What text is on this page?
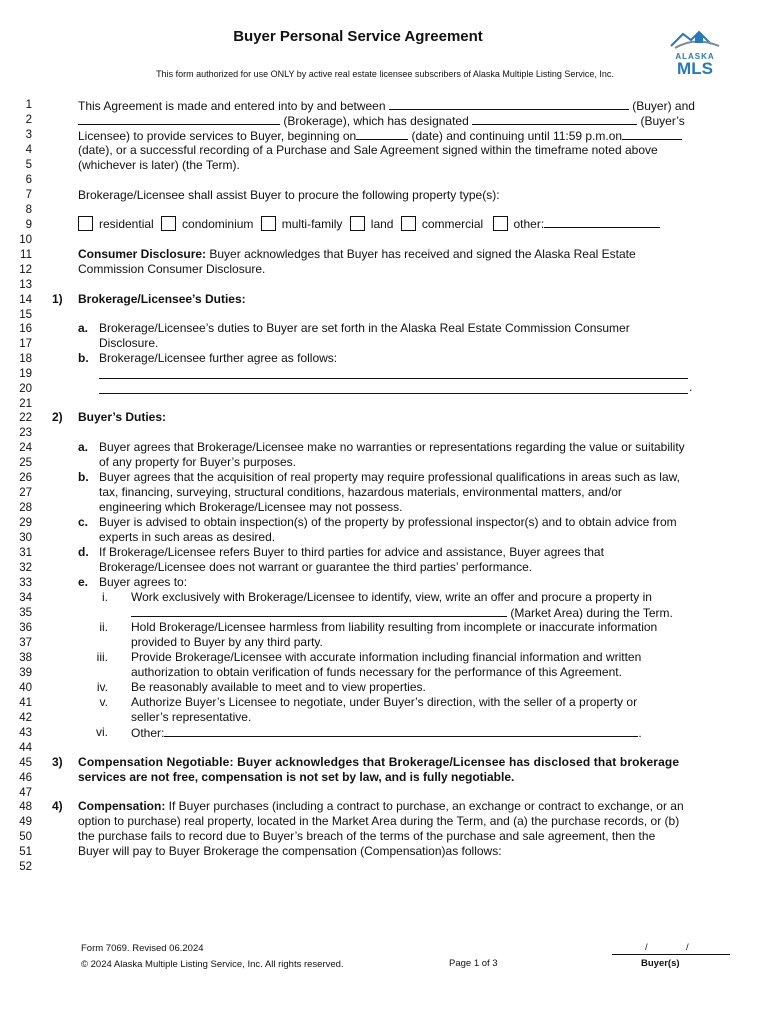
Buyer Personal Service Agreement
This form authorized for use ONLY by active real estate licensee subscribers of Alaska Multiple Listing Service, Inc.
ALASKA
MLS
1
2
3
4
5
6
7
8
9
10
11
12
13
14
15
16
17
18
19
20
21
22
23
24
25
26
27
28
29
30
31
32
33
34
35
36
37
38
39
40
41
42
43
44
45
46
47
48
49
50
51
52
This Agreement is made and entered into by and between	(Buyer) and
(Brokerage), which has designated	(Buyer’s
Licensee) to provide services to Buyer, beginning on	(date) and continuing until 11:59 p.m.on
(date), or a successful recording of a Purchase and Sale Agreement signed within the timeframe noted above
(whichever is later) (the Term).
Brokerage/Licensee shall assist Buyer to procure the following property type(s):
residential condominium multi-family land commercial	other:
Consumer Disclosure: Buyer acknowledges that Buyer has received and signed the Alaska Real Estate
Commission Consumer Disclosure.
1) Brokerage/Licensee’s Duties:
a. Brokerage/Licensee’s duties to Buyer are set forth in the Alaska Real Estate Commission Consumer
Disclosure.
b. Brokerage/Licensee further agree as follows:
.
2) Buyer’s Duties:
a. Buyer agrees that Brokerage/Licensee make no warranties or representations regarding the value or suitability
of any property for Buyer’s purposes.
b. Buyer agrees that the acquisition of real property may require professional qualifications in areas such as law,
tax, financing, surveying, structural conditions, hazardous materials, environmental matters, and/or
engineering which Brokerage/Licensee may not possess.
c. Buyer is advised to obtain inspection(s) of the property by professional inspector(s) and to obtain advice from
experts in such areas as desired.
d. If Brokerage/Licensee refers Buyer to third parties for advice and assistance, Buyer agrees that
Brokerage/Licensee does not warrant or guarantee the third parties’ performance.
e. Buyer agrees to:
i. Work exclusively with Brokerage/Licensee to identify, view, write an offer and procure a property in
(Market Area) during the Term.
ii. Hold Brokerage/Licensee harmless from liability resulting from incomplete or inaccurate information
provided to Buyer by any third party.
iii. Provide Brokerage/Licensee with accurate information including financial information and written
authorization to obtain verification of funds necessary for the performance of this Agreement.
iv. Be reasonably available to meet and to view properties.
v. Authorize Buyer’s Licensee to negotiate, under Buyer’s direction, with the seller of a property or
seller’s representative.
vi. Other:	.
3) Compensation Negotiable: Buyer acknowledges that Brokerage/Licensee has disclosed that brokerage
services are not free, compensation is not set by law, and is fully negotiable.
4) Compensation: If Buyer purchases (including a contract to purchase, an exchange or contract to exchange, or an
option to purchase) real property, located in the Market Area during the Term, and (a) the purchase records, or (b)
the purchase fails to record due to Buyer’s breach of the terms of the purchase and sale agreement, then the
Buyer will pay to Buyer Brokerage the compensation (Compensation)as follows:
Form 7069. Revised 06.2024
© 2024 Alaska Multiple Listing Service, Inc. All rights reserved.	Page 1 of 3
/	/
Buyer(s)
